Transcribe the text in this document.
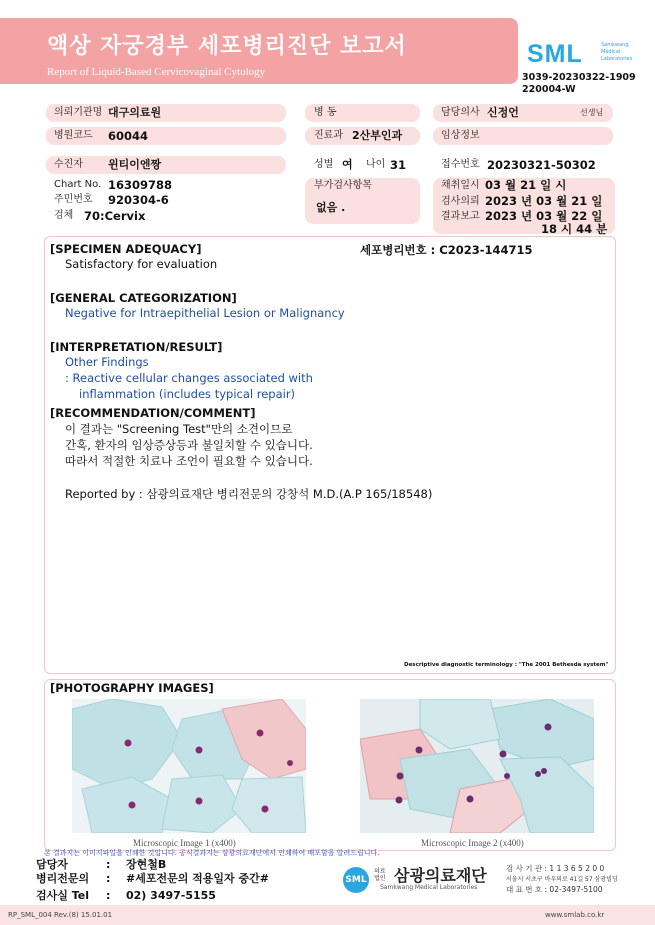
액상 자궁경부 세포병리진단 보고서
Report of Liquid-Based Cervicovaginal Cytology
SML	Samkwang
Medical
Laboratories
3039-20230322-1909
220004-W
의뢰기관명 대구의료원	병 동	담당의사 신정언	선생님
병원코드 60044	진료과 2산부인과	임상정보
수진자 윈티이엔짱	성별 여 나이 31	접수번호 20230321-50302
Chart No. 16309788
주민번호 920304-6
검체 70:Cervix
부가검사항목
없음 .
채취일시 03 월 21 일 시
검사의뢰 2023 년 03 월 21 일
결과보고 2023 년 03 월 22 일
18 시 44 분
[SPECIMEN ADEQUACY]	세포병리번호 : C2023-144715
Satisfactory for evaluation
[GENERAL CATEGORIZATION]
Negative for Intraepithelial Lesion or Malignancy
[INTERPRETATION/RESULT]
Other Findings
: Reactive cellular changes associated with
inflammation (includes typical repair)
[RECOMMENDATION/COMMENT]
이 결과는 "Screening Test"만의 소견이므로
간혹, 환자의 임상증상등과 불일치할 수 있습니다.
따라서 적절한 치료나 조언이 필요할 수 있습니다.
Reported by : 삼광의료재단 병리전문의 강창석 M.D.(A.P 165/18548)
Descriptive diagnostic terminology : "The 2001 Bethesda system"
[PHOTOGRAPHY IMAGES]
Microscopic Image 1 (x400)	Microscopic Image 2 (x400)
본 결과지는 이미지파일을 인쇄한 것입니다. 공식결과지는 삼광의료재단에서 인쇄하여 배포함을 알려드립니다.
담당자	: 장현철B
병리전문의 : #세포전문의 적용일자 중간#
검사실 Tel : 02) 3497-5155
SML
의료법인 삼광의료재단
Samkwang Medical Laboratories
검 사 기 관 : 1 1 3 6 5 2 0 0
서울시 서초구 바우뫼로 41길 57 삼광빌딩
대 표 번 호 : 02-3497-5100
RP_SML_004 Rev.(8) 15.01.01	www.smlab.co.kr
